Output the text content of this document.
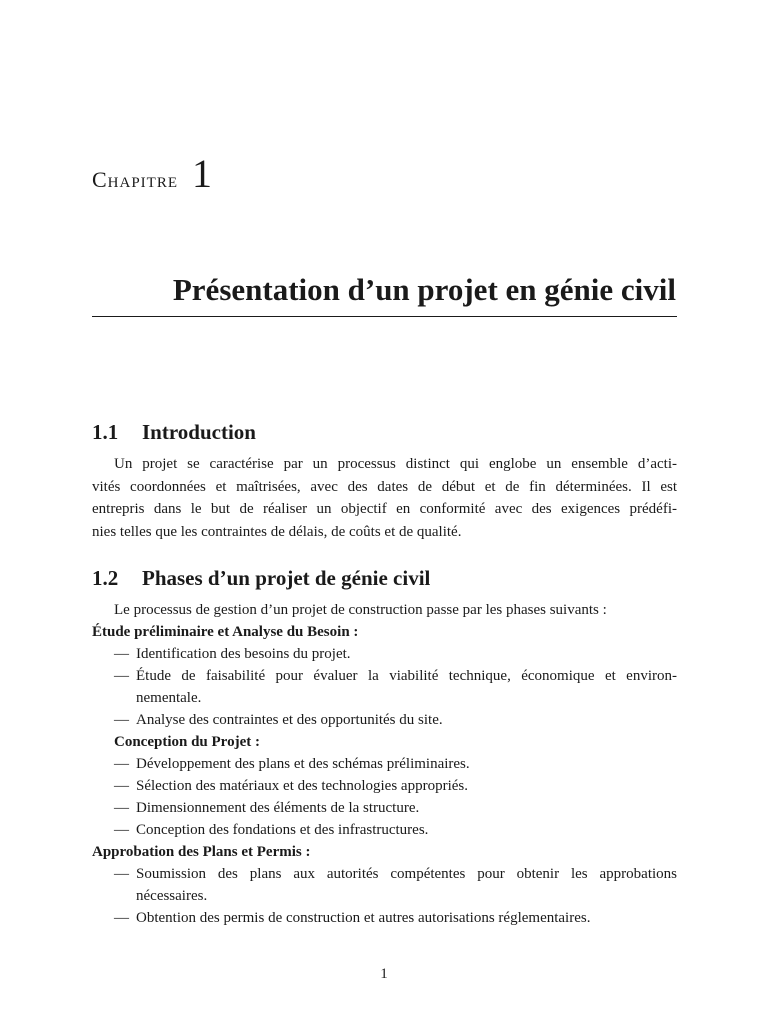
Chapitre 1
Présentation d’un projet en génie civil
1.1	Introduction
Un projet se caractérise par un processus distinct qui englobe un ensemble d’acti-
vités coordonnées et maîtrisées, avec des dates de début et de fin déterminées. Il est
entrepris dans le but de réaliser un objectif en conformité avec des exigences prédéfi-
nies telles que les contraintes de délais, de coûts et de qualité.
1.2	Phases d’un projet de génie civil
Le processus de gestion d’un projet de construction passe par les phases suivants :
Étude préliminaire et Analyse du Besoin :
— Identification des besoins du projet.
— Étude de faisabilité pour évaluer la viabilité technique, économique et environ-
nementale.
— Analyse des contraintes et des opportunités du site.
Conception du Projet :
— Développement des plans et des schémas préliminaires.
— Sélection des matériaux et des technologies appropriés.
— Dimensionnement des éléments de la structure.
— Conception des fondations et des infrastructures.
Approbation des Plans et Permis :
— Soumission des plans aux autorités compétentes pour obtenir les approbations
nécessaires.
— Obtention des permis de construction et autres autorisations réglementaires.
1
